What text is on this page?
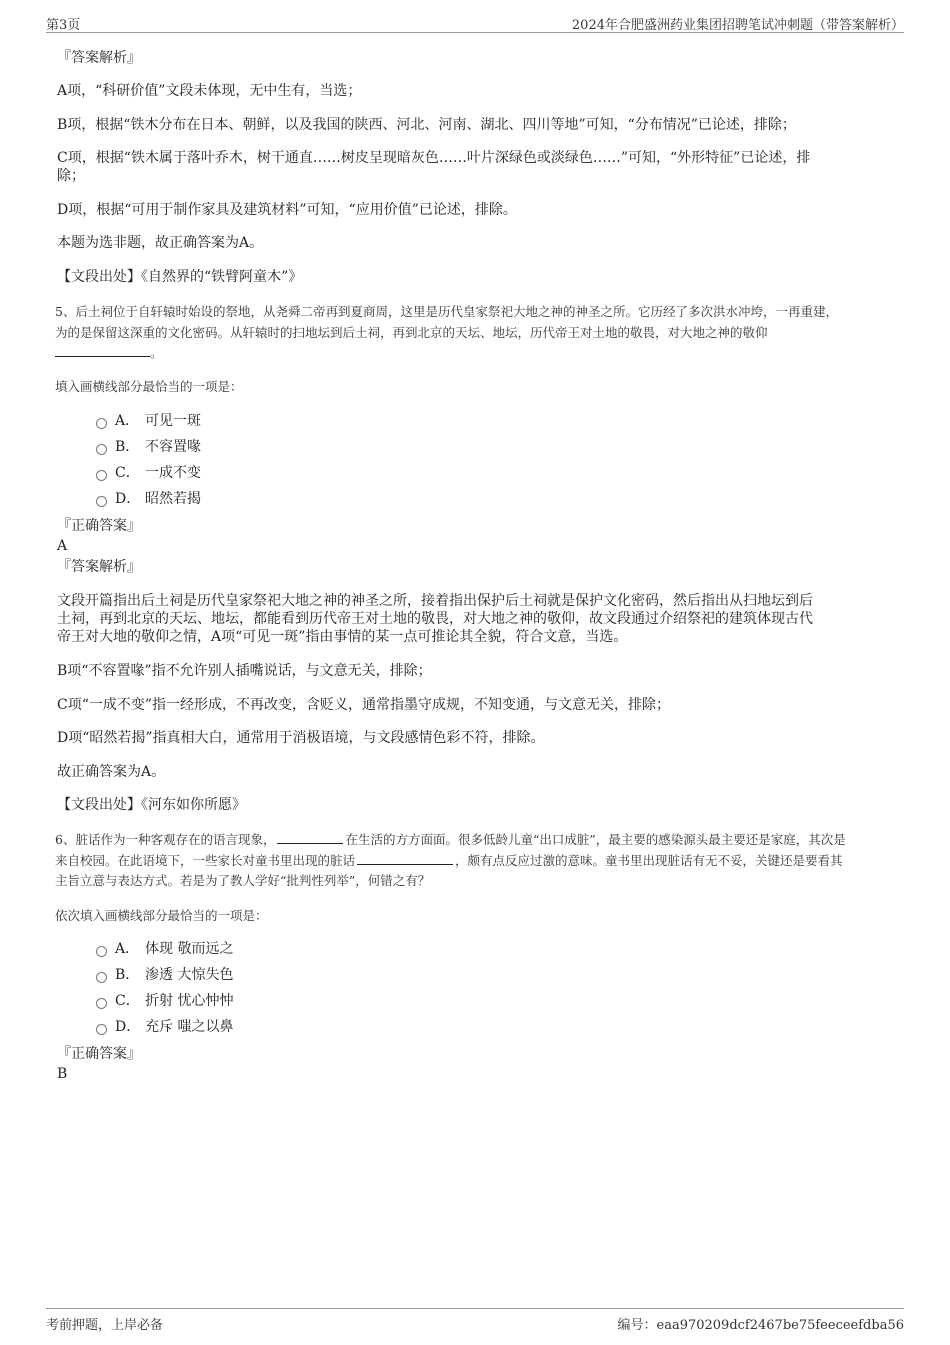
第3页	2024年合肥盛洲药业集团招聘笔试冲刺题（带答案解析）
『答案解析』
A项，“科研价值”文段未体现，无中生有，当选；
B项，根据“铁木分布在日本、朝鲜，以及我国的陕西、河北、河南、湖北、四川等地”可知，“分布情况”已论述，排除；
C项，根据“铁木属于落叶乔木，树干通直……树皮呈现暗灰色……叶片深绿色或淡绿色……”可知，“外形特征”已论述，排
除；
D项，根据“可用于制作家具及建筑材料”可知，“应用价值”已论述，排除。
本题为选非题，故正确答案为A。
【文段出处】《自然界的“铁臂阿童木”》
5、后土祠位于自轩辕时始设的祭地，从尧舜二帝再到夏商周，这里是历代皇家祭祀大地之神的神圣之所。它历经了多次洪水冲垮，一再重建，
为的是保留这深重的文化密码。从轩辕时的扫地坛到后土祠，再到北京的天坛、地坛，历代帝王对土地的敬畏，对大地之神的敬仰
。
填入画横线部分最恰当的一项是：
A． 可见一斑
B． 不容置喙
C． 一成不变
D． 昭然若揭
『正确答案』
A
『答案解析』
文段开篇指出后土祠是历代皇家祭祀大地之神的神圣之所，接着指出保护后土祠就是保护文化密码，然后指出从扫地坛到后
土祠，再到北京的天坛、地坛，都能看到历代帝王对土地的敬畏，对大地之神的敬仰，故文段通过介绍祭祀的建筑体现古代
帝王对大地的敬仰之情，A项“可见一斑”指由事情的某一点可推论其全貌，符合文意，当选。
B项“不容置喙”指不允许别人插嘴说话，与文意无关，排除；
C项“一成不变”指一经形成，不再改变，含贬义，通常指墨守成规，不知变通，与文意无关，排除；
D项“昭然若揭”指真相大白，通常用于消极语境，与文段感情色彩不符，排除。
故正确答案为A。
【文段出处】《河东如你所愿》
6、脏话作为一种客观存在的语言现象，	在生活的方方面面。很多低龄儿童“出口成脏”，最主要的感染源头最主要还是家庭，其次是
来自校园。在此语境下，一些家长对童书里出现的脏话	，颇有点反应过激的意味。童书里出现脏话有无不妥，关键还是要看其
主旨立意与表达方式。若是为了教人学好“批判性列举”，何错之有？
依次填入画横线部分最恰当的一项是：
A． 体现 敬而远之
B． 渗透 大惊失色
C． 折射 忧心忡忡
D． 充斥 嗤之以鼻
『正确答案』
B
考前押题，上岸必备	编号：eaa970209dcf2467be75feeceefdba56
